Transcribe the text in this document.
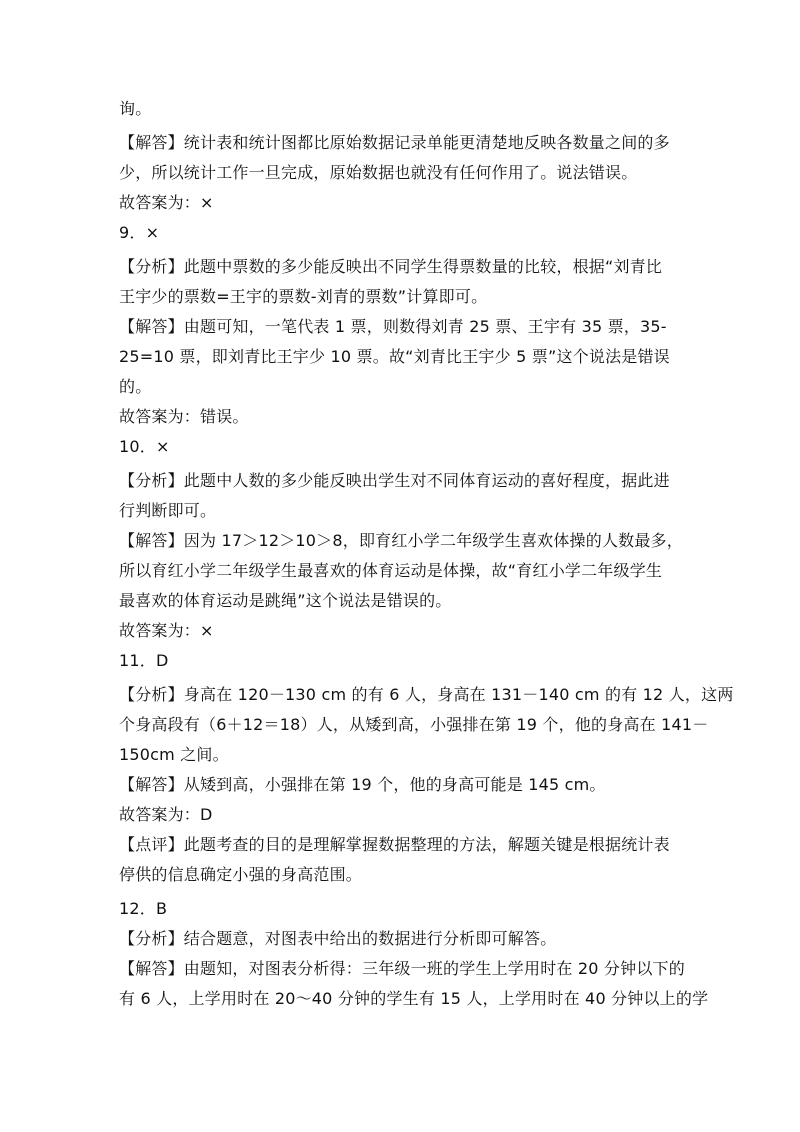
询。
【解答】统计表和统计图都比原始数据记录单能更清楚地反映各数量之间的多
少，所以统计工作一旦完成，原始数据也就没有任何作用了。说法错误。
故答案为：×
9．×
【分析】此题中票数的多少能反映出不同学生得票数量的比较，根据“刘青比
王宇少的票数=王宇的票数-刘青的票数”计算即可。
【解答】由题可知，一笔代表 1 票，则数得刘青 25 票、王宇有 35 票，35-
25=10 票，即刘青比王宇少 10 票。故“刘青比王宇少 5 票”这个说法是错误
的。
故答案为：错误。
10．×
【分析】此题中人数的多少能反映出学生对不同体育运动的喜好程度，据此进
行判断即可。
【解答】因为 17＞12＞10＞8，即育红小学二年级学生喜欢体操的人数最多，
所以育红小学二年级学生最喜欢的体育运动是体操，故“育红小学二年级学生
最喜欢的体育运动是跳绳”这个说法是错误的。
故答案为：×
11．D
【分析】身高在 120－130 cm 的有 6 人，身高在 131－140 cm 的有 12 人，这两
个身高段有（6＋12＝18）人，从矮到高，小强排在第 19 个，他的身高在 141－
150cm 之间。
【解答】从矮到高，小强排在第 19 个，他的身高可能是 145 cm。
故答案为：D
【点评】此题考查的目的是理解掌握数据整理的方法，解题关键是根据统计表
停供的信息确定小强的身高范围。
12．B
【分析】结合题意，对图表中给出的数据进行分析即可解答。
【解答】由题知，对图表分析得：三年级一班的学生上学用时在 20 分钟以下的
有 6 人，上学用时在 20～40 分钟的学生有 15 人，上学用时在 40 分钟以上的学
